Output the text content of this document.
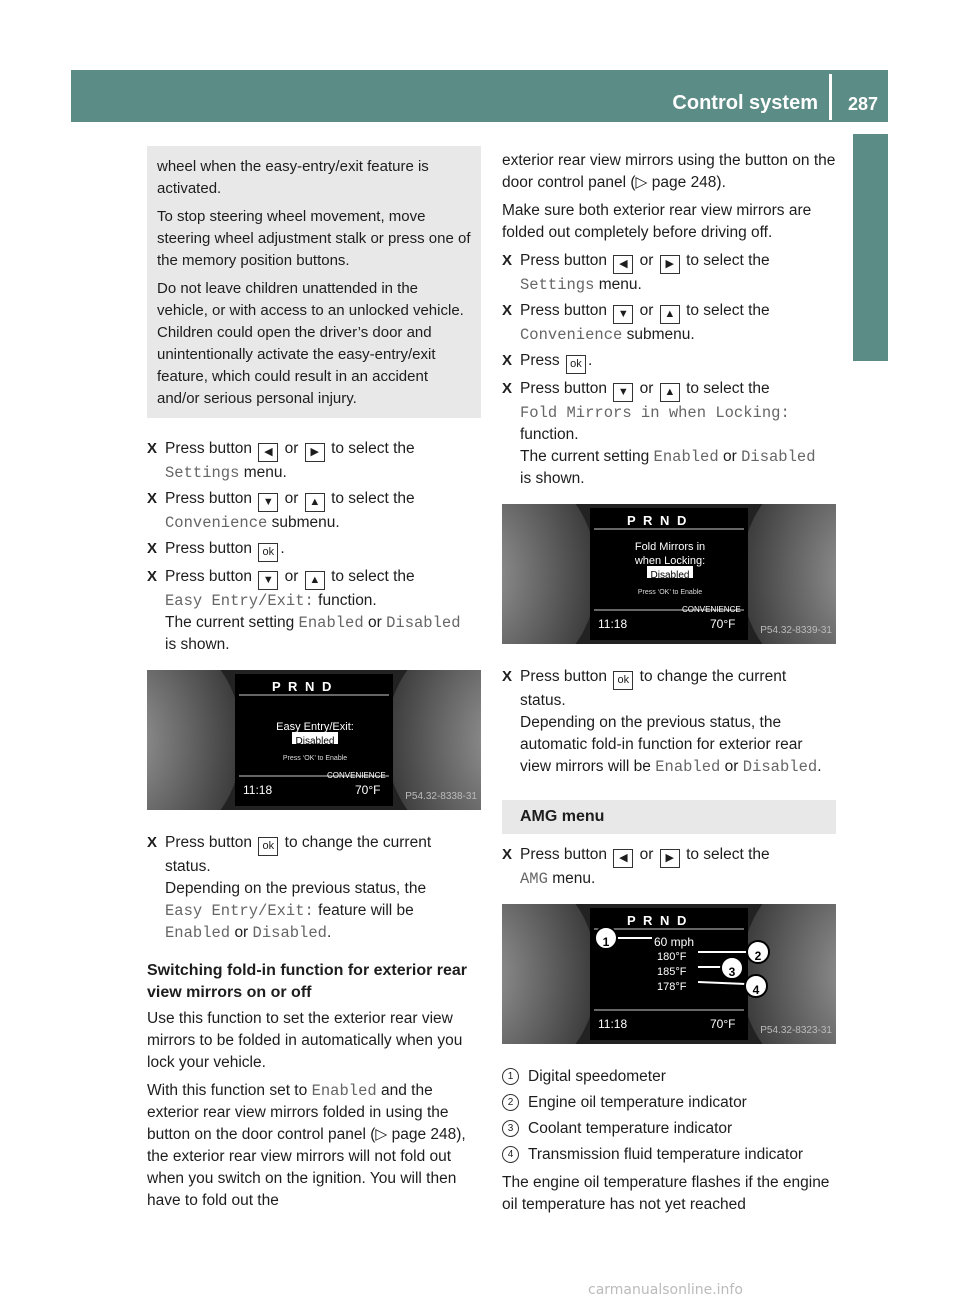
Control system 287
Controls in detail

wheel when the easy-entry/exit feature is activated.

To stop steering wheel movement, move steering wheel adjustment stalk or press one of the memory position buttons.

Do not leave children unattended in the vehicle, or with access to an unlocked vehicle. Children could open the driver’s door and unintentionally activate the easy-entry/exit feature, which could result in an accident and/or serious personal injury.

X Press button ◀ or ▶ to select the
Settings menu.
X Press button ▼ or ▲ to select the
Convenience submenu.
X Press button ok .
X Press button ▼ or ▲ to select the
Easy Entry/Exit: function.
The current setting Enabled or Disabled
is shown.
P R N D
Easy Entry/Exit:
Disabled
Press ‘OK’ to Enable
CONVENIENCE
11:18	70°F P54.32-8338-31
X Press button ok to change the current status.
Depending on the previous status, the
Easy Entry/Exit: feature will be
Enabled or Disabled.
Switching fold-in function for exterior rear view mirrors on or off

Use this function to set the exterior rear view mirrors to be folded in automatically when you lock your vehicle.

With this function set to Enabled and the exterior rear view mirrors folded in using the button on the door control panel (▷ page 248), the exterior rear view mirrors will not fold out when you switch on the ignition. You will then have to fold out the

exterior rear view mirrors using the button on the door control panel (▷ page 248).

Make sure both exterior rear view mirrors are folded out completely before driving off.

X Press button ◀ or ▶ to select the
Settings menu.
X Press button ▼ or ▲ to select the
Convenience submenu.
X Press ok .
X Press button ▼ or ▲ to select the
Fold Mirrors in when Locking:
function.
The current setting Enabled or Disabled
is shown.
P R N D
Fold Mirrors in
when Locking:
Disabled
Press ‘OK’ to Enable
CONVENIENCE
11:18	70°F P54.32-8339-31
X Press button ok to change the current status.
Depending on the previous status, the automatic fold-in function for exterior rear view mirrors will be Enabled or Disabled.
AMG menu
X Press button ◀ or ▶ to select the
AMG menu.
P R N D
1
2
3
4
60 mph
180°F
185°F
178°F
11:18	70°F P54.32-8323-31
1 Digital speedometer
2 Engine oil temperature indicator
3 Coolant temperature indicator
4 Transmission fluid temperature indicator

The engine oil temperature flashes if the engine oil temperature has not yet reached

carmanualsonline.info
